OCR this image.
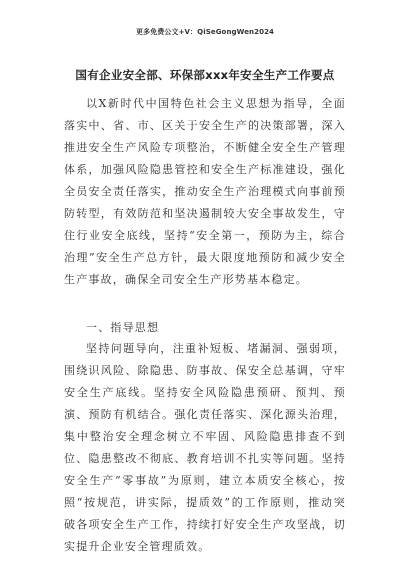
更多免费公文+V：QiSeGongWen2024
国有企业安全部、环保部xxx年安全生产工作要点

以X新时代中国特色社会主义思想为指导，全面落实中、省、市、区关于安全生产的决策部署，深入推进安全生产风险专项整治，不断健全安全生产管理体系，加强风险隐患管控和安全生产标准建设，强化全员安全责任落实，推动安全生产治理模式向事前预防转型，有效防范和坚决遏制较大安全事故发生，守住行业安全底线，坚持“安全第一，预防为主，综合治理”安全生产总方针，最大限度地预防和减少安全生产事故，确保全司安全生产形势基本稳定。

一、指导思想

坚持问题导向，注重补短板、堵漏洞、强弱项，围绕识风险、除隐患、防事故、保安全总基调，守牢安全生产底线。坚持安全风险隐患预研、预判、预演、预防有机结合。强化责任落实、深化源头治理，集中整治安全理念树立不牢固、风险隐患排查不到位、隐患整改不彻底、教育培训不扎实等问题。坚持安全生产“零事故”为原则，建立本质安全核心，按照“按规范，讲实际，提质效”的工作原则，推动突破各项安全生产工作，持续打好安全生产攻坚战，切实提升企业安全管理质效。
